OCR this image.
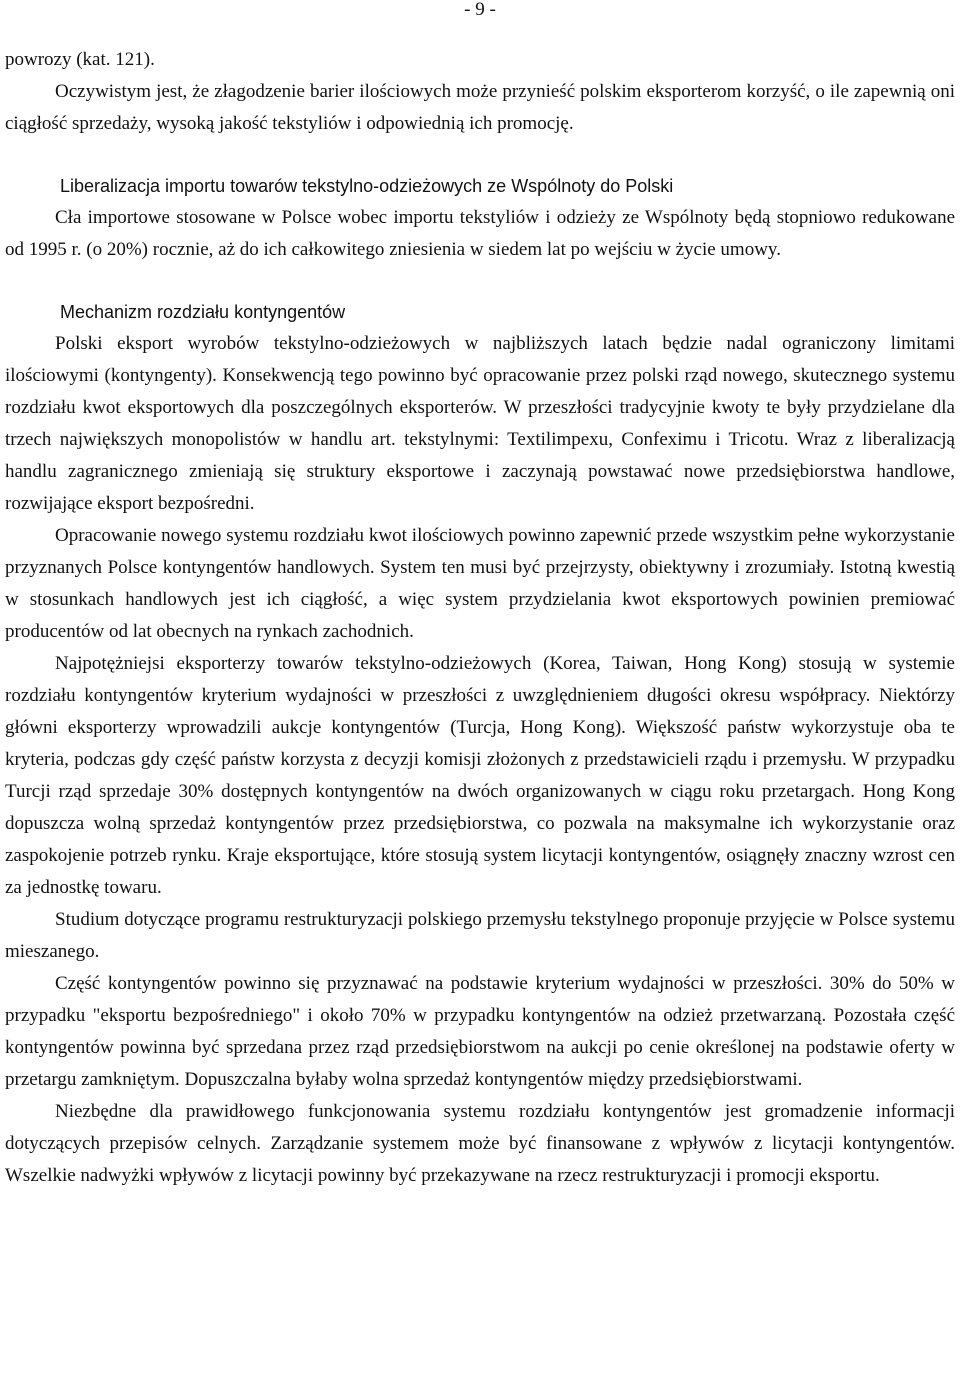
- 9 -

powrozy (kat. 121).

Oczywistym jest, że złagodzenie barier ilościowych może przynieść polskim eksporterom korzyść, o ile zapewnią oni ciągłość sprzedaży, wysoką jakość tekstyliów i odpowiednią ich promocję.

Liberalizacja importu towarów tekstylno-odzieżowych ze Wspólnoty do Polski

Cła importowe stosowane w Polsce wobec importu tekstyliów i odzieży ze Wspólnoty będą stopniowo redukowane od 1995 r. (o 20%) rocznie, aż do ich całkowitego zniesienia w siedem lat po wejściu w życie umowy.

Mechanizm rozdziału kontyngentów

Polski eksport wyrobów tekstylno-odzieżowych w najbliższych latach będzie nadal ograniczony limitami ilościowymi (kontyngenty). Konsekwencją tego powinno być opracowanie przez polski rząd nowego, skutecznego systemu rozdziału kwot eksportowych dla poszczególnych eksporterów. W przeszłości tradycyjnie kwoty te były przydzielane dla trzech największych monopolistów w handlu art. tekstylnymi: Textilimpexu, Confeximu i Tricotu. Wraz z liberalizacją handlu zagranicznego zmieniają się struktury eksportowe i zaczynają powstawać nowe przedsiębiorstwa handlowe, rozwijające eksport bezpośredni.

Opracowanie nowego systemu rozdziału kwot ilościowych powinno zapewnić przede wszystkim pełne wykorzystanie przyznanych Polsce kontyngentów handlowych. System ten musi być przejrzysty, obiektywny i zrozumiały. Istotną kwestią w stosunkach handlowych jest ich ciągłość, a więc system przydzielania kwot eksportowych powinien premiować producentów od lat obecnych na rynkach zachodnich.

Najpotężniejsi eksporterzy towarów tekstylno-odzieżowych (Korea, Taiwan, Hong Kong) stosują w systemie rozdziału kontyngentów kryterium wydajności w przeszłości z uwzględnieniem długości okresu współpracy. Niektórzy główni eksporterzy wprowadzili aukcje kontyngentów (Turcja, Hong Kong). Większość państw wykorzystuje oba te kryteria, podczas gdy część państw korzysta z decyzji komisji złożonych z przedstawicieli rządu i przemysłu. W przypadku Turcji rząd sprzedaje 30% dostępnych kontyngentów na dwóch organizowanych w ciągu roku przetargach. Hong Kong dopuszcza wolną sprzedaż kontyngentów przez przedsiębiorstwa, co pozwala na maksymalne ich wykorzystanie oraz zaspokojenie potrzeb rynku. Kraje eksportujące, które stosują system licytacji kontyngentów, osiągnęły znaczny wzrost cen za jednostkę towaru.

Studium dotyczące programu restrukturyzacji polskiego przemysłu tekstylnego proponuje przyjęcie w Polsce systemu mieszanego.

Część kontyngentów powinno się przyznawać na podstawie kryterium wydajności w przeszłości. 30% do 50% w przypadku "eksportu bezpośredniego" i około 70% w przypadku kontyngentów na odzież przetwarzaną. Pozostała część kontyngentów powinna być sprzedana przez rząd przedsiębiorstwom na aukcji po cenie określonej na podstawie oferty w przetargu zamkniętym. Dopuszczalna byłaby wolna sprzedaż kontyngentów między przedsiębiorstwami.

Niezbędne dla prawidłowego funkcjonowania systemu rozdziału kontyngentów jest gromadzenie informacji dotyczących przepisów celnych. Zarządzanie systemem może być finansowane z wpływów z licytacji kontyngentów. Wszelkie nadwyżki wpływów z licytacji powinny być przekazywane na rzecz restrukturyzacji i promocji eksportu.
